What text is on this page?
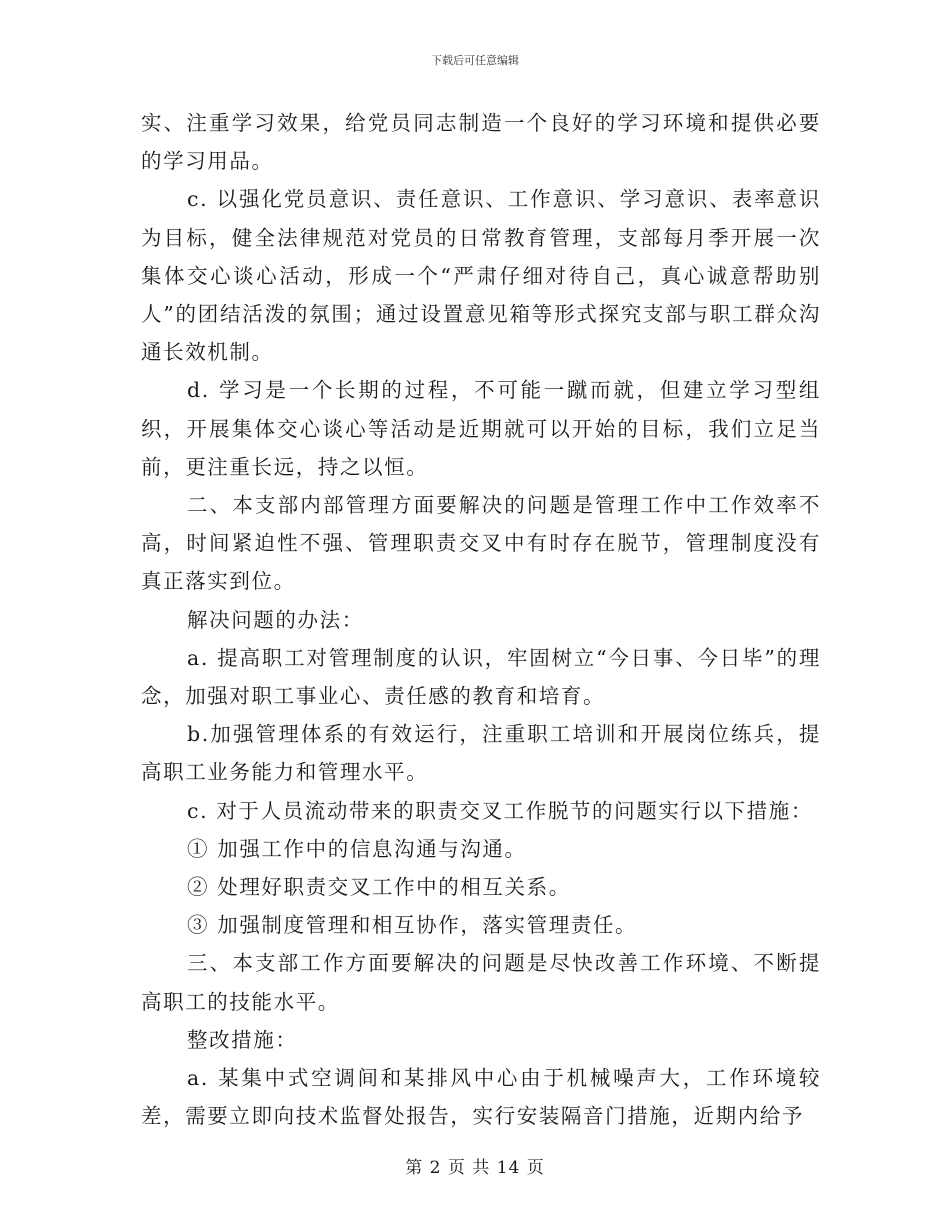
下载后可任意编辑

实、注重学习效果，给党员同志制造一个良好的学习环境和提供必要的学习用品。

c. 以强化党员意识、责任意识、工作意识、学习意识、表率意识为目标，健全法律规范对党员的日常教育管理，支部每月季开展一次集体交心谈心活动，形成一个“严肃仔细对待自己，真心诚意帮助别人”的团结活泼的氛围；通过设置意见箱等形式探究支部与职工群众沟通长效机制。

d. 学习是一个长期的过程，不可能一蹴而就，但建立学习型组织，开展集体交心谈心等活动是近期就可以开始的目标，我们立足当前，更注重长远，持之以恒。

二、本支部内部管理方面要解决的问题是管理工作中工作效率不高，时间紧迫性不强、管理职责交叉中有时存在脱节，管理制度没有真正落实到位。

解决问题的办法：

a. 提高职工对管理制度的认识，牢固树立“今日事、今日毕”的理念，加强对职工事业心、责任感的教育和培育。

b.加强管理体系的有效运行，注重职工培训和开展岗位练兵，提高职工业务能力和管理水平。

c. 对于人员流动带来的职责交叉工作脱节的问题实行以下措施：

① 加强工作中的信息沟通与沟通。

② 处理好职责交叉工作中的相互关系。

③ 加强制度管理和相互协作，落实管理责任。

三、本支部工作方面要解决的问题是尽快改善工作环境、不断提高职工的技能水平。

整改措施：

a. 某集中式空调间和某排风中心由于机械噪声大，工作环境较差，需要立即向技术监督处报告，实行安装隔音门措施，近期内给予

第 2 页 共 14 页
